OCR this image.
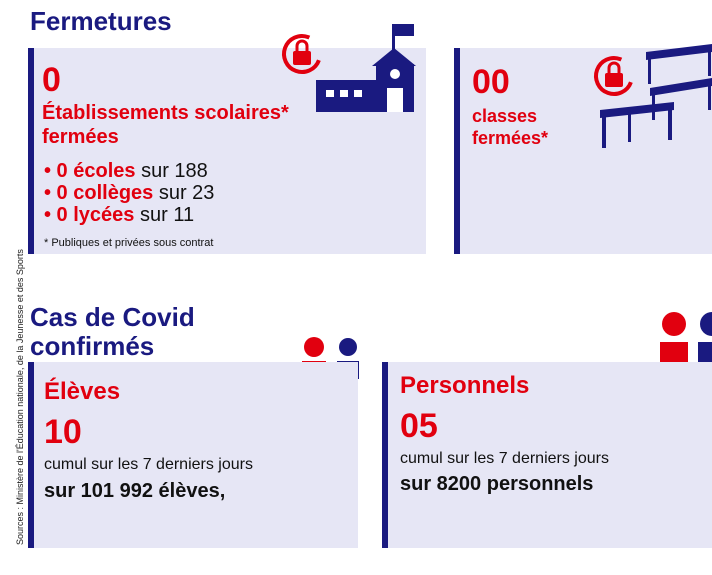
Fermetures
0
Établissements scolaires*
fermées
• 0 écoles sur 188
• 0 collèges sur 23
• 0 lycées sur 11
* Publiques et privées sous contrat
00
classes
fermées*
Cas de Covid
confirmés
Élèves
10
cumul sur les 7 derniers jours
sur 101 992 élèves,
Personnels
05
cumul sur les 7 derniers jours
sur 8200 personnels
Sources : Ministère de l'Éducation nationale, de la Jeunesse et des Sports
